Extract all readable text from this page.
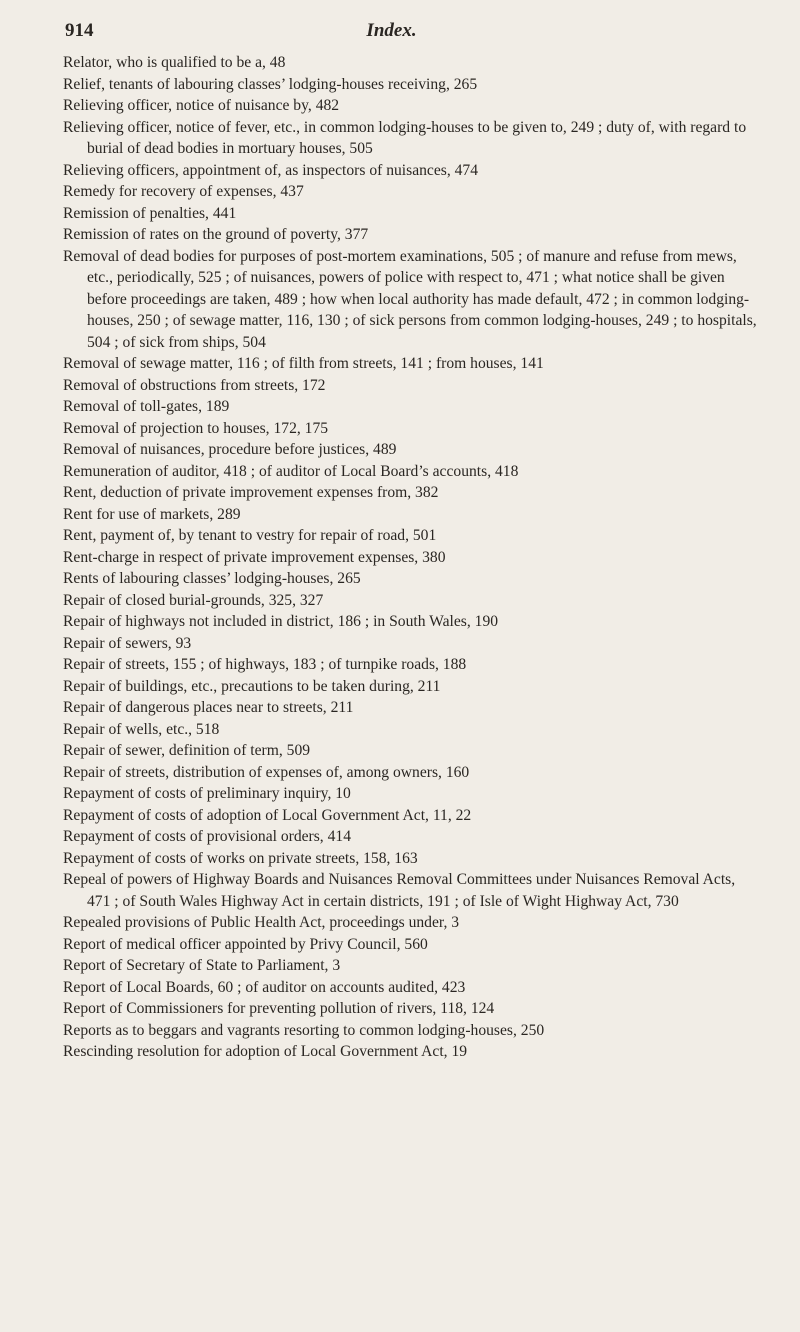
914	Index.
Relator, who is qualified to be a, 48
Relief, tenants of labouring classes’ lodging-houses receiving, 265
Relieving officer, notice of nuisance by, 482
Relieving officer, notice of fever, etc., in common lodging-houses to be given to, 249 ; duty of, with regard to burial of dead bodies in mortuary houses, 505
Relieving officers, appointment of, as inspectors of nuisances, 474
Remedy for recovery of expenses, 437
Remission of penalties, 441
Remission of rates on the ground of poverty, 377
Removal of dead bodies for purposes of post-mortem examinations, 505 ; of manure and refuse from mews, etc., periodically, 525 ; of nuisances, powers of police with respect to, 471 ; what notice shall be given before proceedings are taken, 489 ; how when local authority has made default, 472 ; in common lodging-houses, 250 ; of sewage matter, 116, 130 ; of sick persons from common lodging-houses, 249 ; to hospitals, 504 ; of sick from ships, 504
Removal of sewage matter, 116 ; of filth from streets, 141 ; from houses, 141
Removal of obstructions from streets, 172
Removal of toll-gates, 189
Removal of projection to houses, 172, 175
Removal of nuisances, procedure before justices, 489
Remuneration of auditor, 418 ; of auditor of Local Board’s accounts, 418
Rent, deduction of private improvement expenses from, 382
Rent for use of markets, 289
Rent, payment of, by tenant to vestry for repair of road, 501
Rent-charge in respect of private improvement expenses, 380
Rents of labouring classes’ lodging-houses, 265
Repair of closed burial-grounds, 325, 327
Repair of highways not included in district, 186 ; in South Wales, 190
Repair of sewers, 93
Repair of streets, 155 ; of highways, 183 ; of turnpike roads, 188
Repair of buildings, etc., precautions to be taken during, 211
Repair of dangerous places near to streets, 211
Repair of wells, etc., 518
Repair of sewer, definition of term, 509
Repair of streets, distribution of expenses of, among owners, 160
Repayment of costs of preliminary inquiry, 10
Repayment of costs of adoption of Local Government Act, 11, 22
Repayment of costs of provisional orders, 414
Repayment of costs of works on private streets, 158, 163
Repeal of powers of Highway Boards and Nuisances Removal Committees under Nuisances Removal Acts, 471 ; of South Wales Highway Act in certain districts, 191 ; of Isle of Wight Highway Act, 730
Repealed provisions of Public Health Act, proceedings under, 3
Report of medical officer appointed by Privy Council, 560
Report of Secretary of State to Parliament, 3
Report of Local Boards, 60 ; of auditor on accounts audited, 423
Report of Commissioners for preventing pollution of rivers, 118, 124
Reports as to beggars and vagrants resorting to common lodging-houses, 250
Rescinding resolution for adoption of Local Government Act, 19
